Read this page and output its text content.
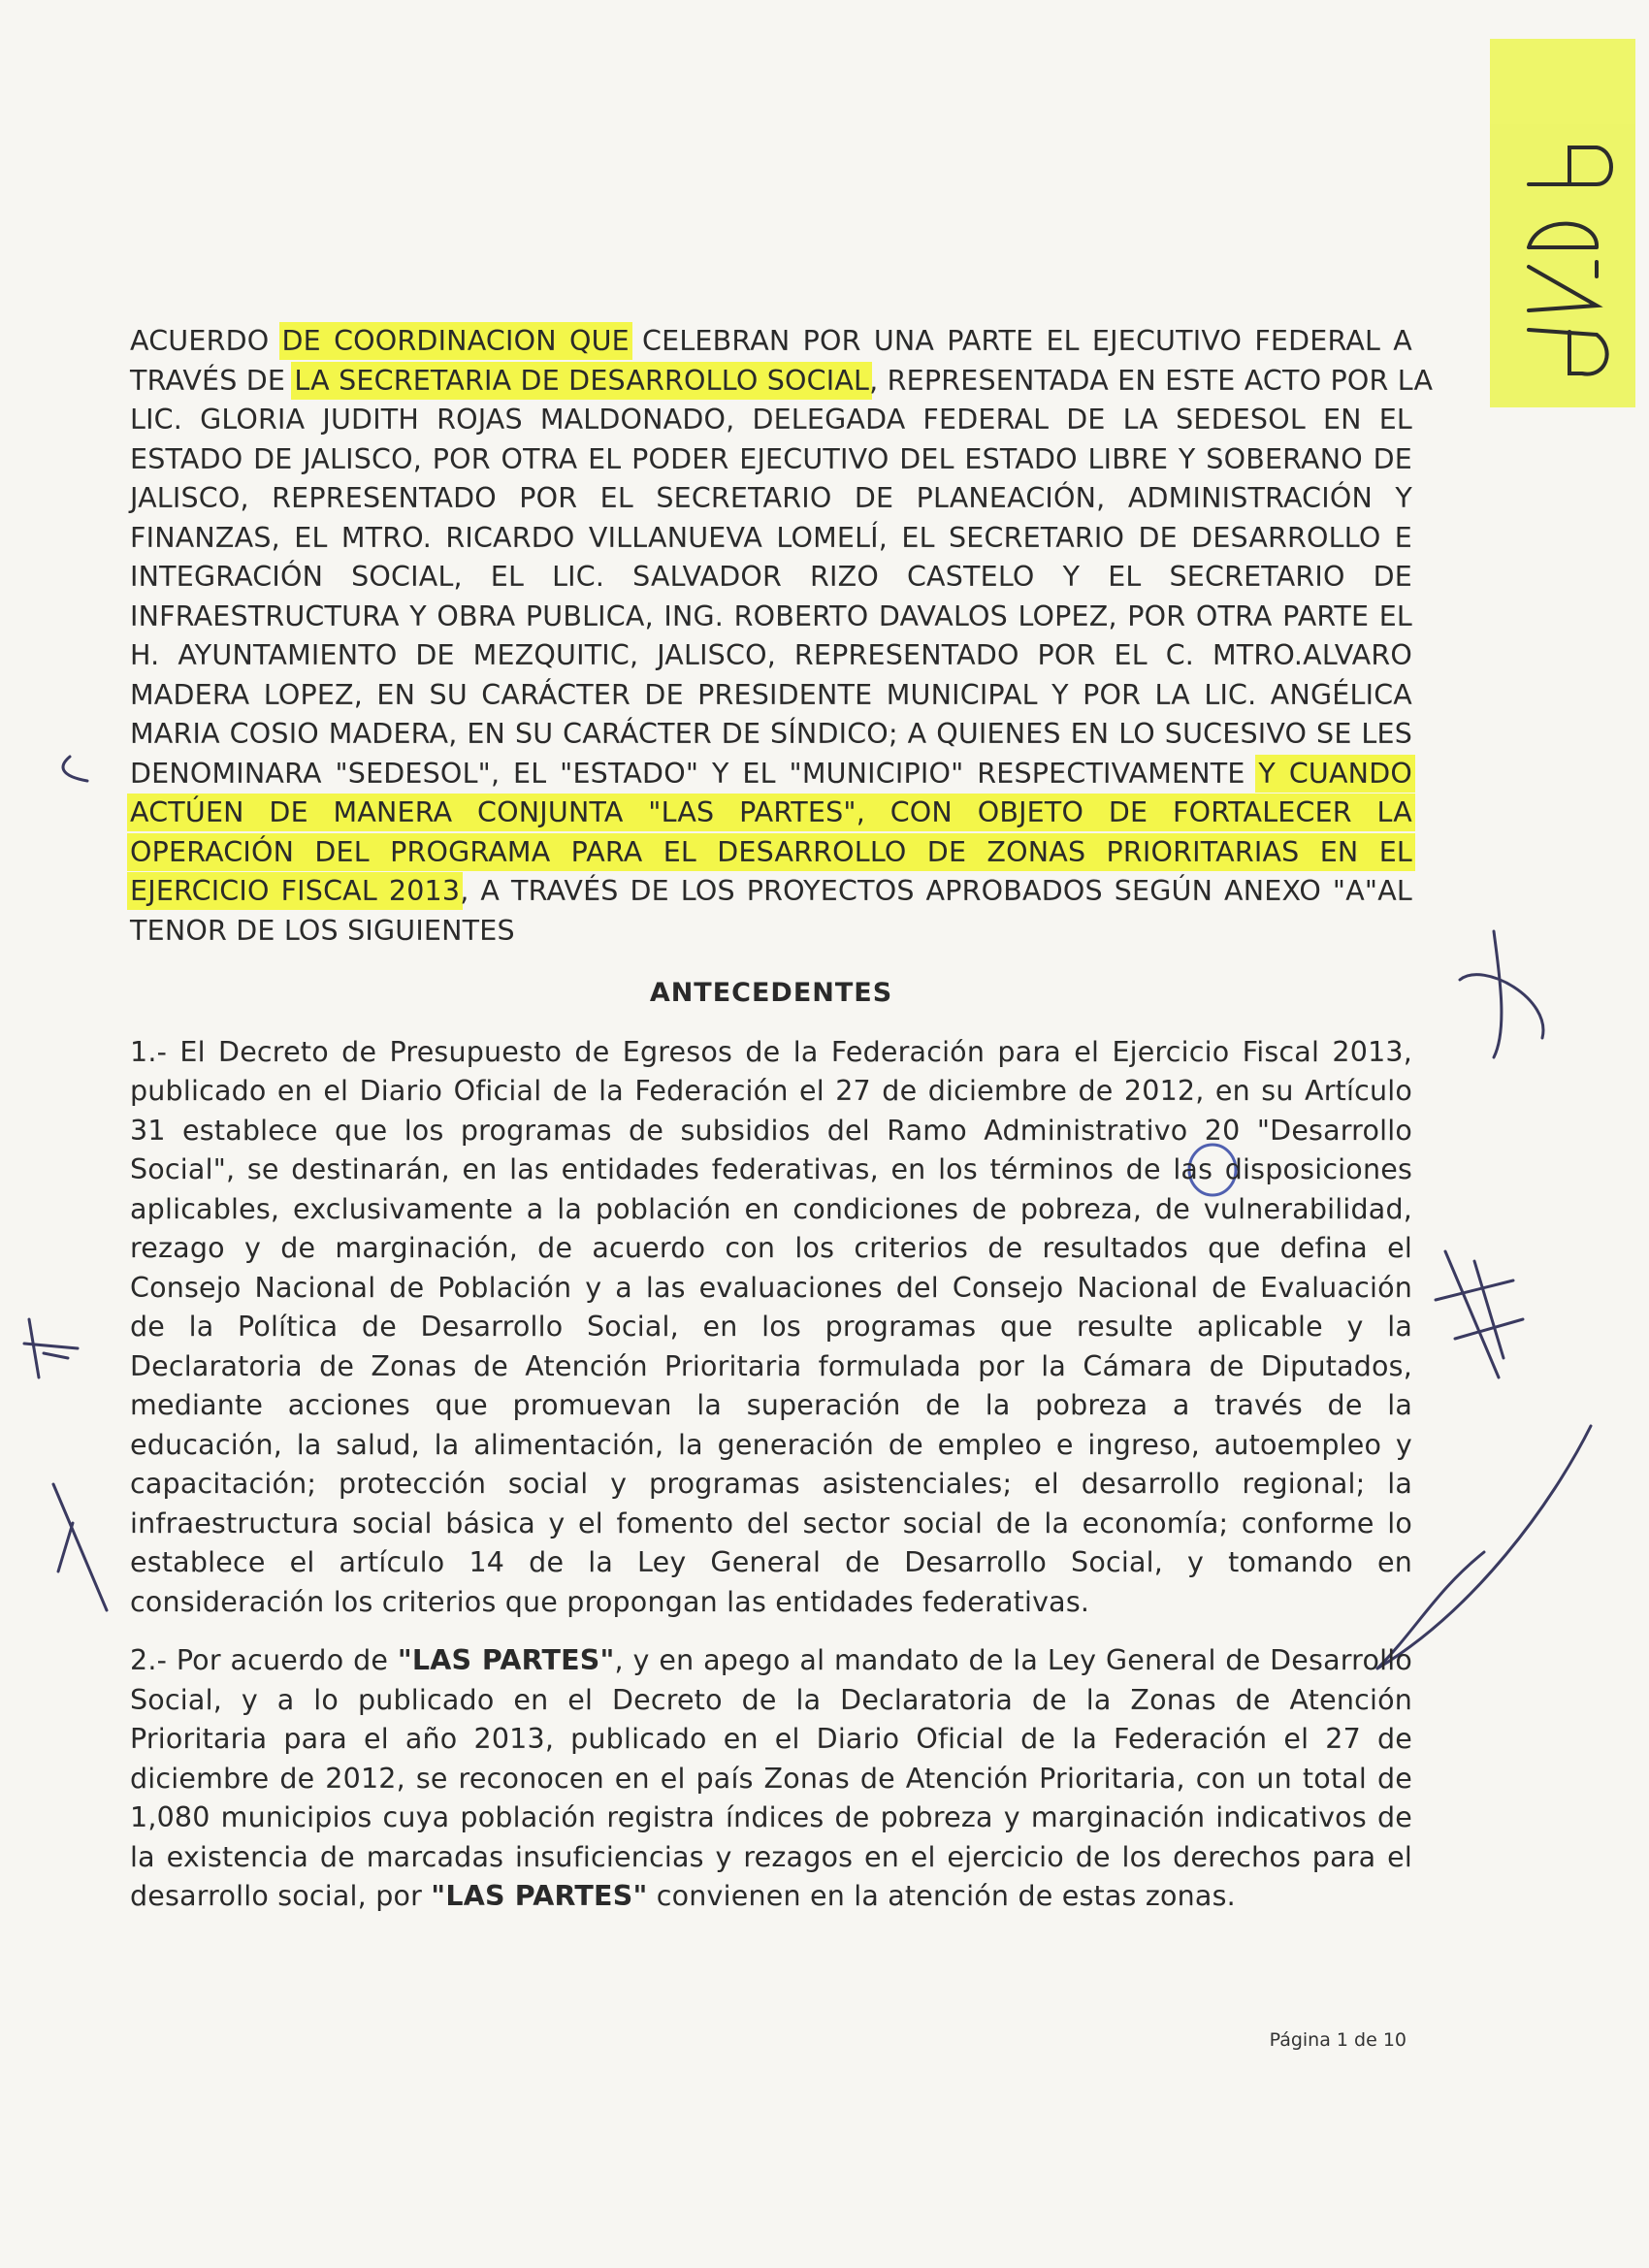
ACUERDO DE COORDINACION QUE CELEBRAN POR UNA PARTE EL EJECUTIVO FEDERAL A
TRAVÉS DE LA SECRETARIA DE DESARROLLO SOCIAL, REPRESENTADA EN ESTE ACTO POR LA
LIC. GLORIA JUDITH ROJAS MALDONADO, DELEGADA FEDERAL DE LA SEDESOL EN EL
ESTADO DE JALISCO, POR OTRA EL PODER EJECUTIVO DEL ESTADO LIBRE Y SOBERANO DE
JALISCO, REPRESENTADO POR EL SECRETARIO DE PLANEACIÓN, ADMINISTRACIÓN Y
FINANZAS, EL MTRO. RICARDO VILLANUEVA LOMELÍ, EL SECRETARIO DE DESARROLLO E
INTEGRACIÓN SOCIAL, EL LIC. SALVADOR RIZO CASTELO Y EL SECRETARIO DE
INFRAESTRUCTURA Y OBRA PUBLICA, ING. ROBERTO DAVALOS LOPEZ, POR OTRA PARTE EL
H. AYUNTAMIENTO DE MEZQUITIC, JALISCO, REPRESENTADO POR EL C. MTRO.ALVARO
MADERA LOPEZ, EN SU CARÁCTER DE PRESIDENTE MUNICIPAL Y POR LA LIC. ANGÉLICA
MARIA COSIO MADERA, EN SU CARÁCTER DE SÍNDICO; A QUIENES EN LO SUCESIVO SE LES
DENOMINARA "SEDESOL", EL "ESTADO" Y EL "MUNICIPIO" RESPECTIVAMENTE Y CUANDO
ACTÚEN DE MANERA CONJUNTA "LAS PARTES", CON OBJETO DE FORTALECER LA
OPERACIÓN DEL PROGRAMA PARA EL DESARROLLO DE ZONAS PRIORITARIAS EN EL
EJERCICIO FISCAL 2013, A TRAVÉS DE LOS PROYECTOS APROBADOS SEGÚN ANEXO "A"AL
TENOR DE LOS SIGUIENTES
ANTECEDENTES
1.- El Decreto de Presupuesto de Egresos de la Federación para el Ejercicio Fiscal 2013,
publicado en el Diario Oficial de la Federación el 27 de diciembre de 2012, en su Artículo
31 establece que los programas de subsidios del Ramo Administrativo 20 "Desarrollo
Social", se destinarán, en las entidades federativas, en los términos de las disposiciones
aplicables, exclusivamente a la población en condiciones de pobreza, de vulnerabilidad,
rezago y de marginación, de acuerdo con los criterios de resultados que defina el
Consejo Nacional de Población y a las evaluaciones del Consejo Nacional de Evaluación
de la Política de Desarrollo Social, en los programas que resulte aplicable y la
Declaratoria de Zonas de Atención Prioritaria formulada por la Cámara de Diputados,
mediante acciones que promuevan la superación de la pobreza a través de la
educación, la salud, la alimentación, la generación de empleo e ingreso, autoempleo y
capacitación; protección social y programas asistenciales; el desarrollo regional; la
infraestructura social básica y el fomento del sector social de la economía; conforme lo
establece el artículo 14 de la Ley General de Desarrollo Social, y tomando en
consideración los criterios que propongan las entidades federativas.
2.- Por acuerdo de "LAS PARTES", y en apego al mandato de la Ley General de Desarrollo
Social, y a lo publicado en el Decreto de la Declaratoria de la Zonas de Atención
Prioritaria para el año 2013, publicado en el Diario Oficial de la Federación el 27 de
diciembre de 2012, se reconocen en el país Zonas de Atención Prioritaria, con un total de
1,080 municipios cuya población registra índices de pobreza y marginación indicativos de
la existencia de marcadas insuficiencias y rezagos en el ejercicio de los derechos para el
desarrollo social, por "LAS PARTES" convienen en la atención de estas zonas.
Página 1 de 10
